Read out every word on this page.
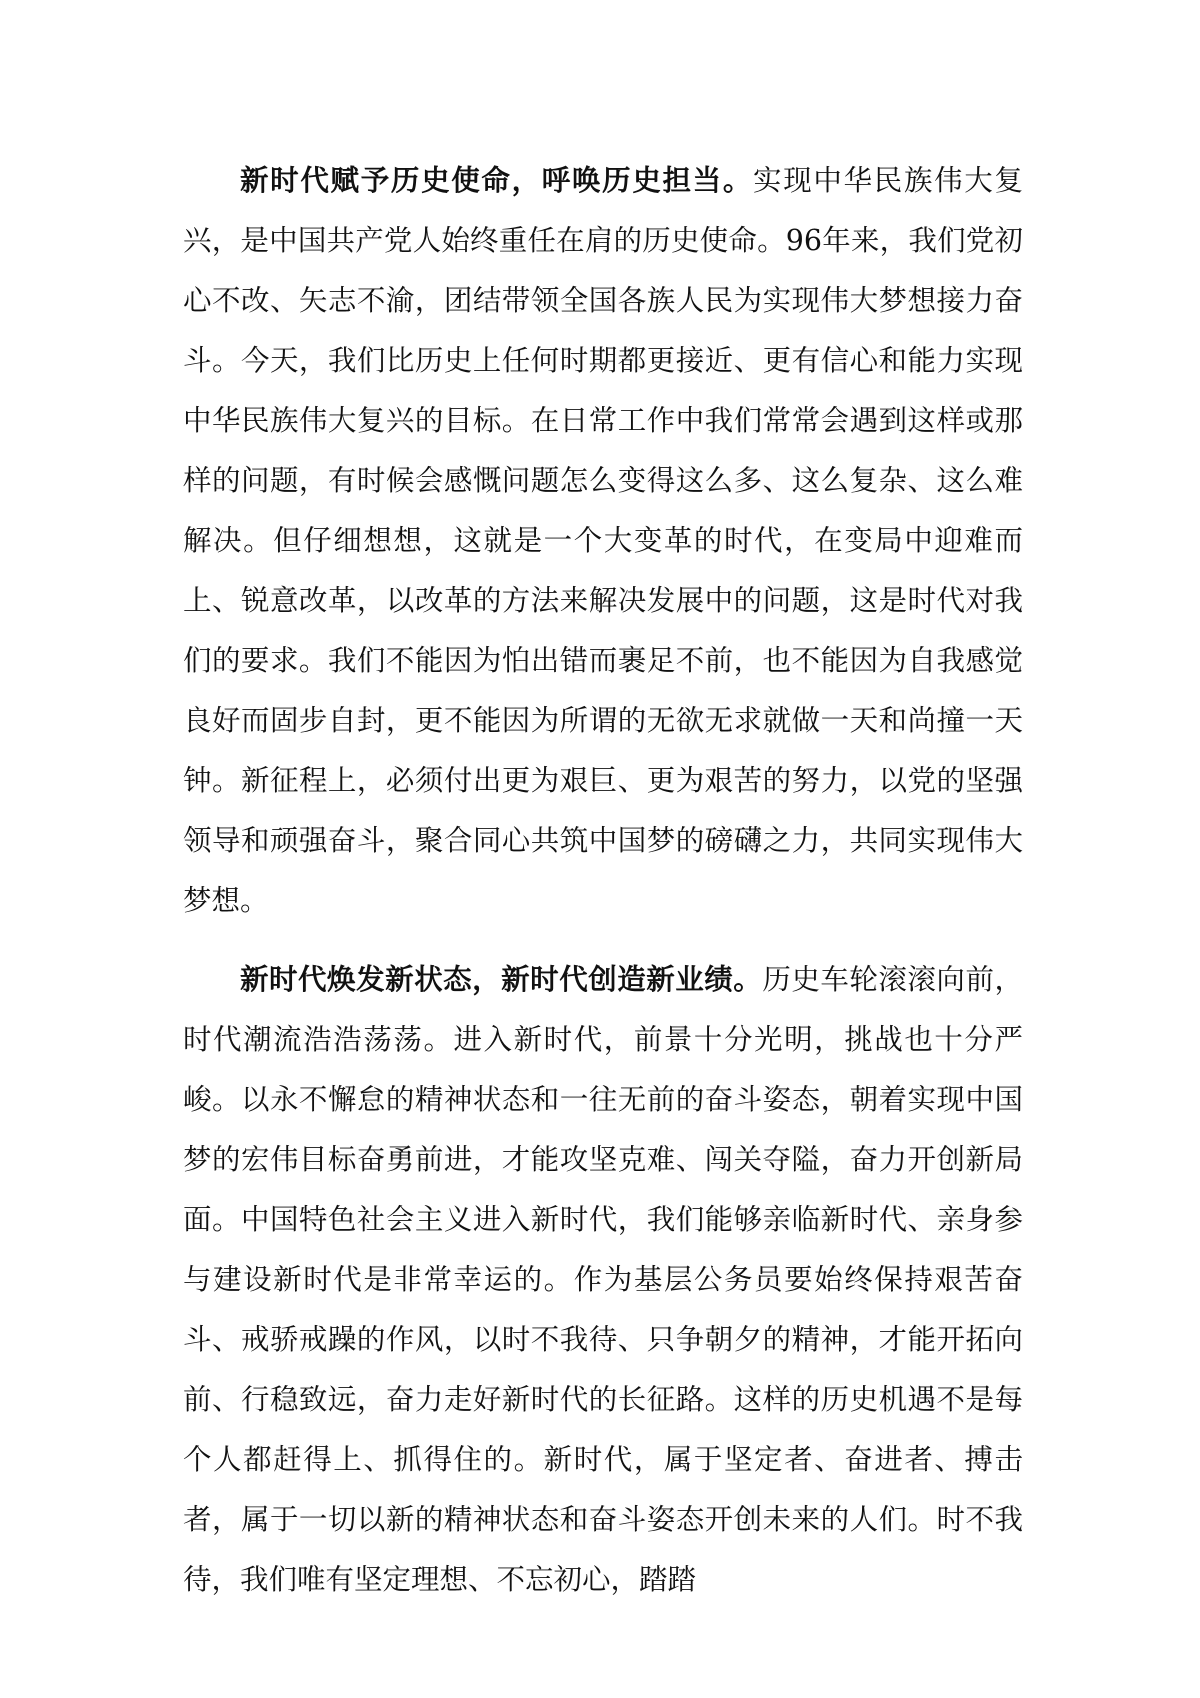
新时代赋予历史使命，呼唤历史担当。实现中华民族伟大复兴，是中国共产党人始终重任在肩的历史使命。96年来，我们党初心不改、矢志不渝，团结带领全国各族人民为实现伟大梦想接力奋斗。今天，我们比历史上任何时期都更接近、更有信心和能力实现中华民族伟大复兴的目标。在日常工作中我们常常会遇到这样或那样的问题，有时候会感慨问题怎么变得这么多、这么复杂、这么难解决。但仔细想想，这就是一个大变革的时代，在变局中迎难而上、锐意改革，以改革的方法来解决发展中的问题，这是时代对我们的要求。我们不能因为怕出错而裹足不前，也不能因为自我感觉良好而固步自封，更不能因为所谓的无欲无求就做一天和尚撞一天钟。新征程上，必须付出更为艰巨、更为艰苦的努力，以党的坚强领导和顽强奋斗，聚合同心共筑中国梦的磅礴之力，共同实现伟大梦想。

新时代焕发新状态，新时代创造新业绩。历史车轮滚滚向前，时代潮流浩浩荡荡。进入新时代，前景十分光明，挑战也十分严峻。以永不懈怠的精神状态和一往无前的奋斗姿态，朝着实现中国梦的宏伟目标奋勇前进，才能攻坚克难、闯关夺隘，奋力开创新局面。中国特色社会主义进入新时代，我们能够亲临新时代、亲身参与建设新时代是非常幸运的。作为基层公务员要始终保持艰苦奋斗、戒骄戒躁的作风，以时不我待、只争朝夕的精神，才能开拓向前、行稳致远，奋力走好新时代的长征路。这样的历史机遇不是每个人都赶得上、抓得住的。新时代，属于坚定者、奋进者、搏击者，属于一切以新的精神状态和奋斗姿态开创未来的人们。时不我待，我们唯有坚定理想、不忘初心，踏踏
